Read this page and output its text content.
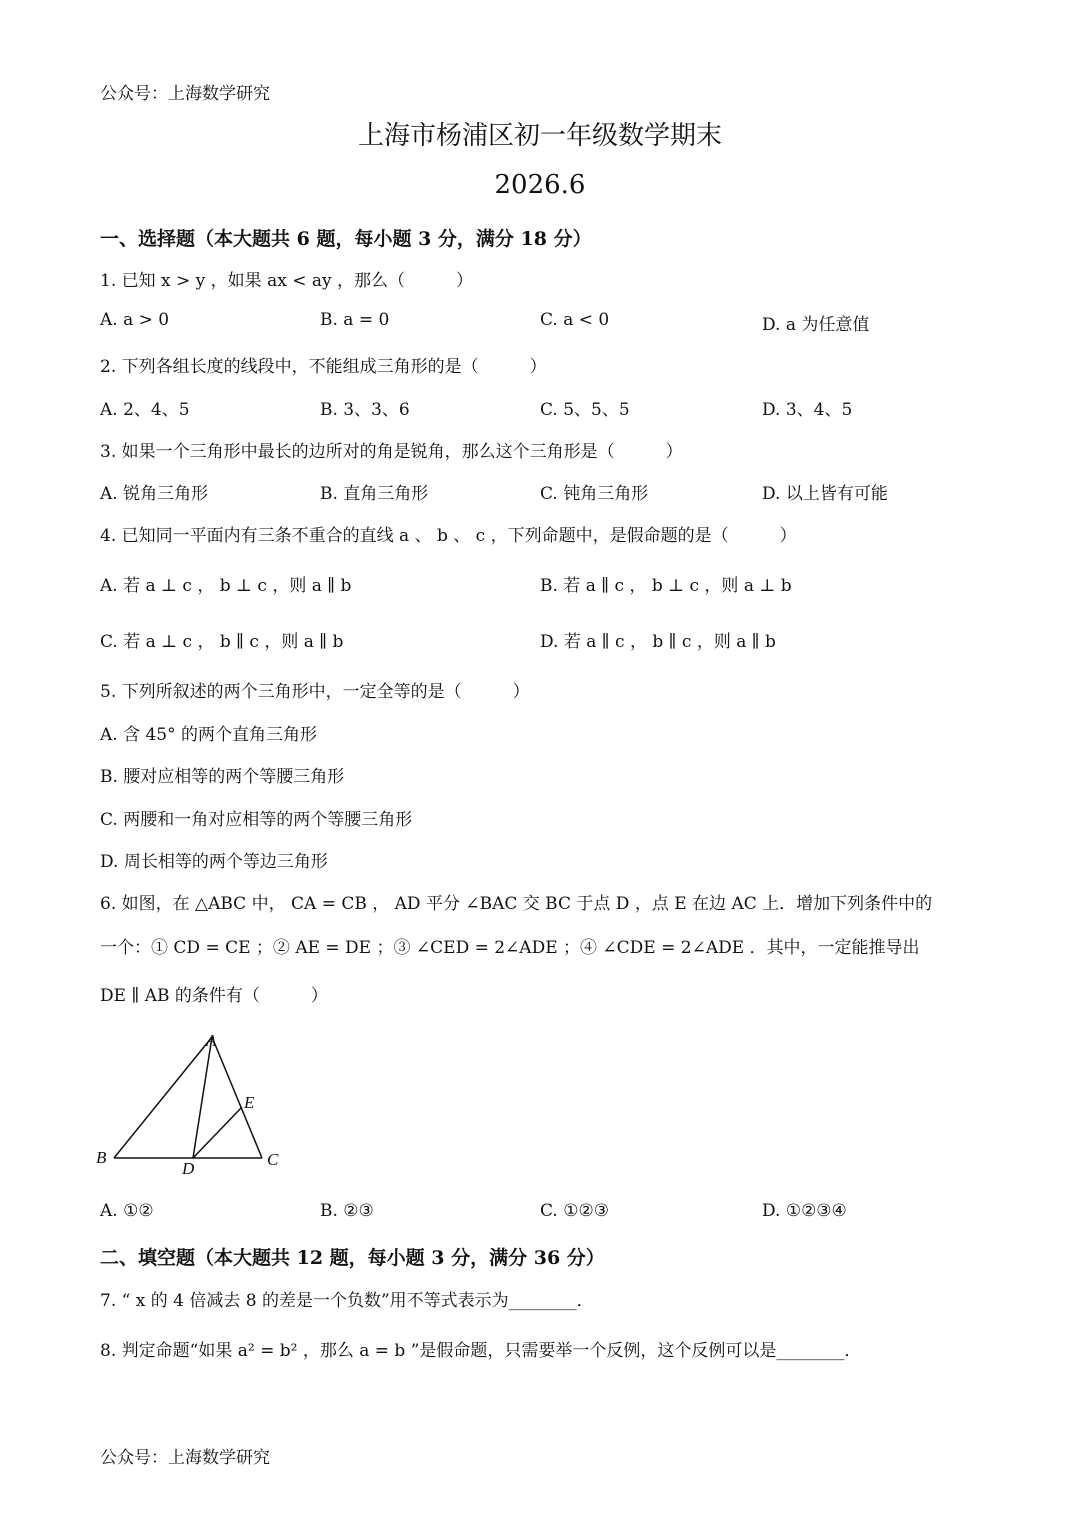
公众号：上海数学研究
上海市杨浦区初一年级数学期末
2026.6
一、选择题（本大题共 6 题，每小题 3 分，满分 18 分）
1. 已知 x > y ，如果 ax < ay ，那么（　　　）
A. a > 0	B. a = 0	C. a < 0	D. a 为任意值
2. 下列各组长度的线段中，不能组成三角形的是（　　　）
A. 2、4、5	B. 3、3、6	C. 5、5、5	D. 3、4、5
3. 如果一个三角形中最长的边所对的角是锐角，那么这个三角形是（　　　）
A. 锐角三角形	B. 直角三角形	C. 钝角三角形	D. 以上皆有可能
4. 已知同一平面内有三条不重合的直线 a 、 b 、 c ，下列命题中，是假命题的是（　　　）
A. 若 a ⊥ c ， b ⊥ c ，则 a ∥ b	B. 若 a ∥ c ， b ⊥ c ，则 a ⊥ b
C. 若 a ⊥ c ， b ∥ c ，则 a ∥ b	D. 若 a ∥ c ， b ∥ c ，则 a ∥ b
5. 下列所叙述的两个三角形中，一定全等的是（　　　）
A. 含 45° 的两个直角三角形
B. 腰对应相等的两个等腰三角形
C. 两腰和一角对应相等的两个等腰三角形
D. 周长相等的两个等边三角形
6. 如图，在 △ABC 中， CA = CB ， AD 平分 ∠BAC 交 BC 于点 D ，点 E 在边 AC 上．增加下列条件中的
一个：① CD = CE ；② AE = DE ；③ ∠CED = 2∠ADE ；④ ∠CDE = 2∠ADE ．其中，一定能推导出
DE ∥ AB 的条件有（　　　）
A
B	C
D
E
A. ①②	B. ②③	C. ①②③	D. ①②③④
二、填空题（本大题共 12 题，每小题 3 分，满分 36 分）
7. “ x 的 4 倍减去 8 的差是一个负数”用不等式表示为________．
8. 判定命题“如果 a² = b² ，那么 a = b ”是假命题，只需要举一个反例，这个反例可以是________．
公众号：上海数学研究
